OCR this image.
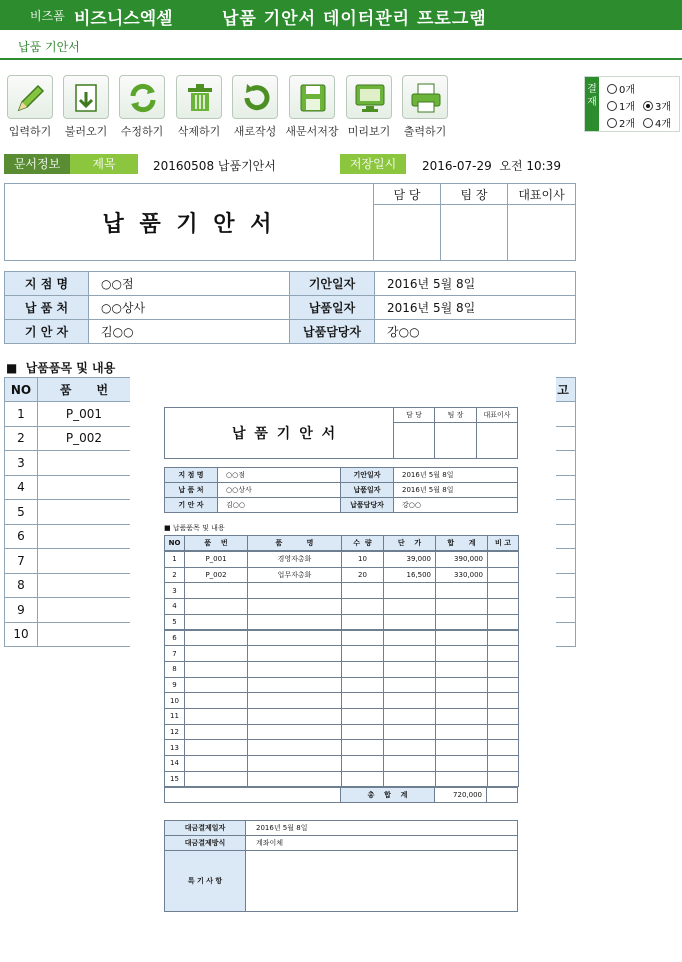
비즈폼 비즈니스엑셀	납품 기안서 데이터관리 프로그램
납품 기안서
입력하기	불러오기	수정하기	삭제하기	새로작성 새문서저장 미리보기	출력하기
결재
0개
1개	3개
2개	4개
문서정보	제목	20160508 납품기안서	저장일시	2016-07-29  오전 10:39
납 품 기 안 서
담 당	팀 장	대표이사
지 점 명	○○점	기안일자	2016년 5월 8일
납 품 처	○○상사	납품일자	2016년 5월 8일
기 안 자	김○○	납품담당자	강○○
■  납품품목 및 내용
NO	품      번	고
1	P_001
2	P_002
3
4
5
6
7
8
9
10
납 품 기 안 서
담 당	팀 장	대표이사
지 점 명	○○점	기안일자	2016년 5월 8일
납 품 처	○○상사	납품일자	2016년 5월 8일
기 안 자	김○○	납품담당자	강○○
■ 납품품목 및 내용
NO	품    번	품          명	수  량	단    가	합      계	비 고
1	P_001	경영자총화	10	39,000	390,000
2	P_002	업무자총화	20	16,500	330,000
3
4
5
6
7
8
9
10
11
12
13
14
15
총    합    계	720,000
대금결제일자	2016년 5월 8일
대금결제방식	계좌이체
특 기 사 항
